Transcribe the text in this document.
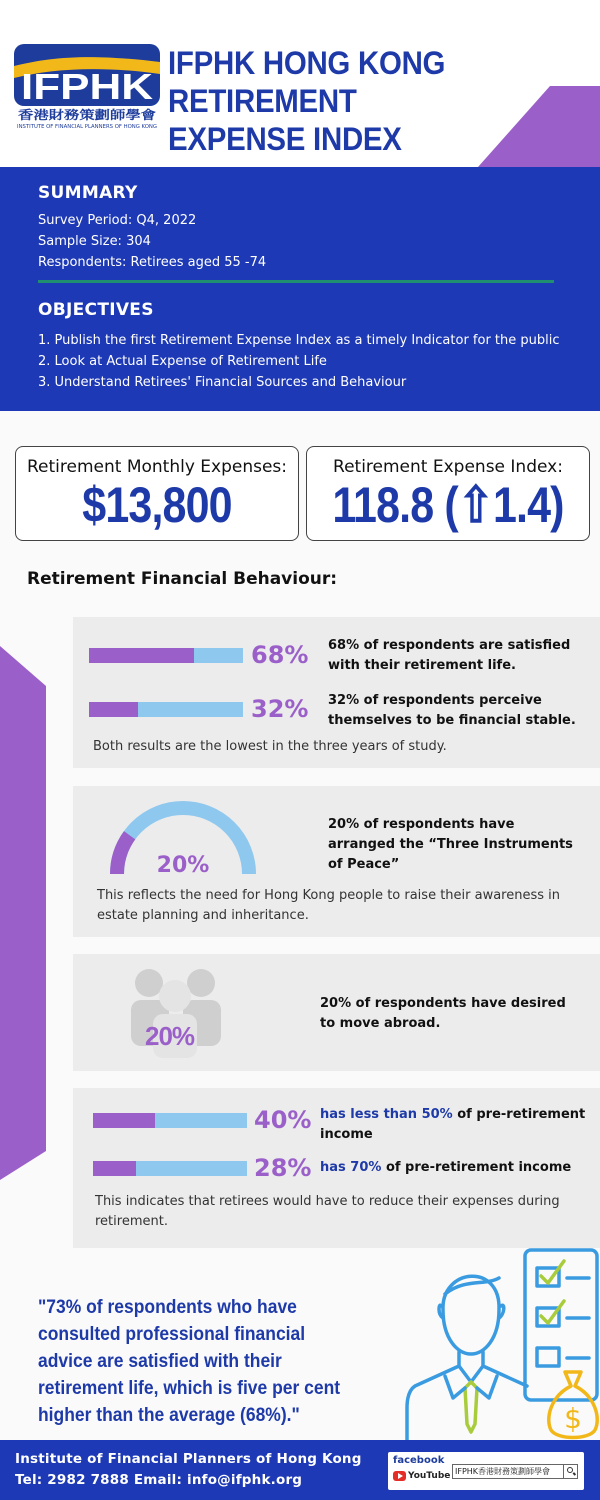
IFPHK
香港財務策劃師學會
INSTITUTE OF FINANCIAL PLANNERS OF HONG KONG
IFPHK HONG KONG RETIREMENT
EXPENSE INDEX
SUMMARY
Survey Period: Q4, 2022
Sample Size: 304
Respondents: Retirees aged 55 -74
OBJECTIVES
1. Publish the first Retirement Expense Index as a timely Indicator for the public
2. Look at Actual Expense of Retirement Life
3. Understand Retirees' Financial Sources and Behaviour
Retirement Monthly Expenses:
$13,800
Retirement Expense Index:
118.8 (⇧1.4)
Retirement Financial Behaviour:
68% 68% of respondents are satisfied with their retirement life.
32% 32% of respondents perceive themselves to be financial stable.
Both results are the lowest in the three years of study.
20%
20% of respondents have arranged the “Three Instruments of Peace”
This reflects the need for Hong Kong people to raise their awareness in estate planning and inheritance.
20%
20% of respondents have desired to move abroad.
40% has less than 50% of pre-retirement income
28% has 70% of pre-retirement income
This indicates that retirees would have to reduce their expenses during retirement.
"73% of respondents who have consulted professional financial advice are satisfied with their retirement life, which is five per cent higher than the average (68%)."	$
Institute of Financial Planners of Hong Kong
Tel: 2982 7888 Email: info@ifphk.org
facebook
YouTube IFPHK香港財務策劃師學會
